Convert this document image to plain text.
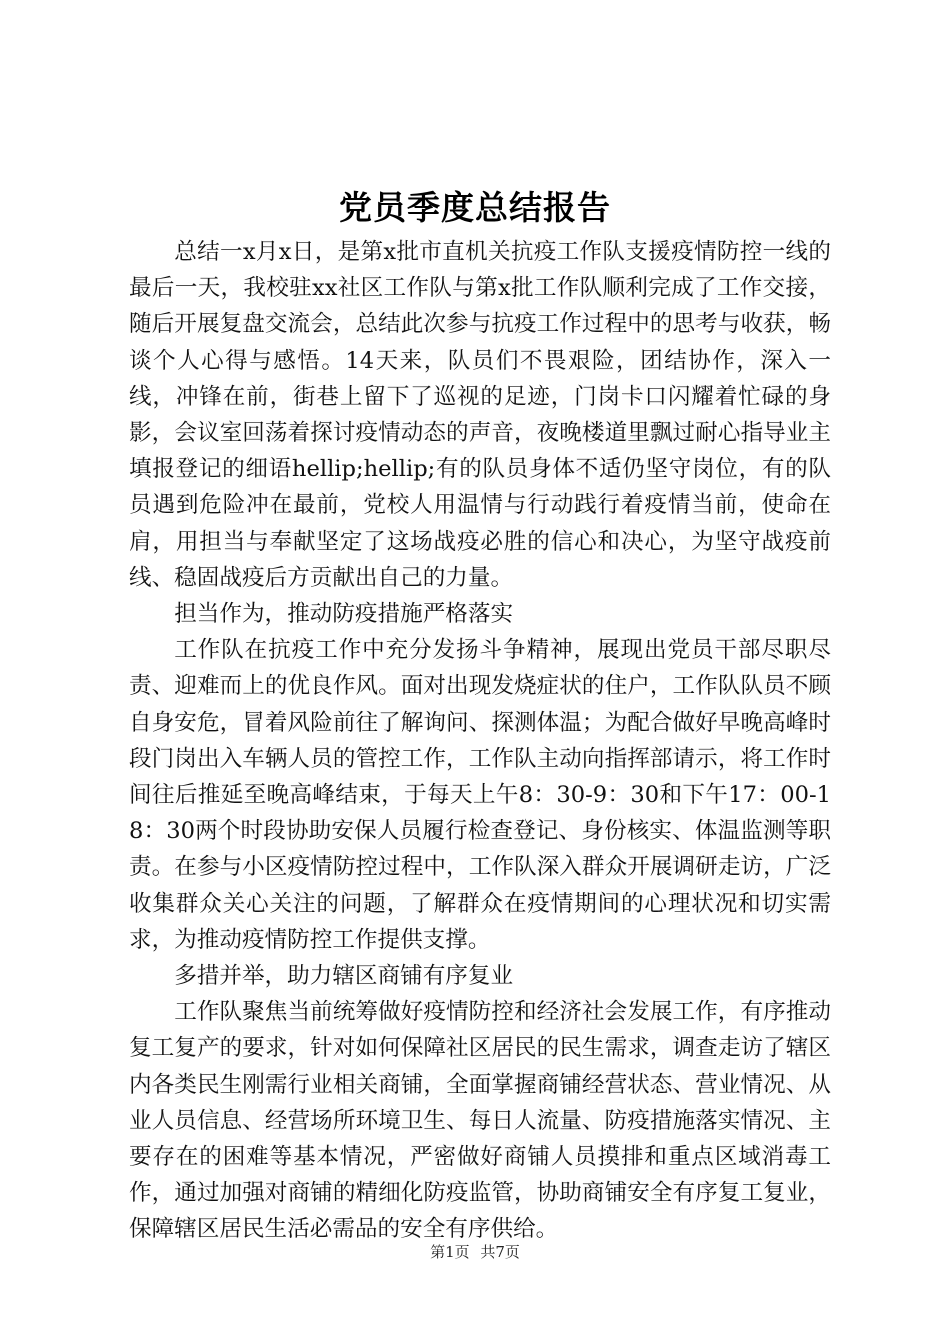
党员季度总结报告

总结一x月x日，是第x批市直机关抗疫工作队支援疫情防控一线的最后一天，我校驻xx社区工作队与第x批工作队顺利完成了工作交接，随后开展复盘交流会，总结此次参与抗疫工作过程中的思考与收获，畅谈个人心得与感悟。14天来，队员们不畏艰险，团结协作，深入一线，冲锋在前，街巷上留下了巡视的足迹，门岗卡口闪耀着忙碌的身影，会议室回荡着探讨疫情动态的声音，夜晚楼道里飘过耐心指导业主填报登记的细语hellip;hellip;有的队员身体不适仍坚守岗位，有的队员遇到危险冲在最前，党校人用温情与行动践行着疫情当前，使命在肩，用担当与奉献坚定了这场战疫必胜的信心和决心，为坚守战疫前线、稳固战疫后方贡献出自己的力量。

担当作为，推动防疫措施严格落实

工作队在抗疫工作中充分发扬斗争精神，展现出党员干部尽职尽责、迎难而上的优良作风。面对出现发烧症状的住户，工作队队员不顾自身安危，冒着风险前往了解询问、探测体温；为配合做好早晚高峰时段门岗出入车辆人员的管控工作，工作队主动向指挥部请示，将工作时间往后推延至晚高峰结束，于每天上午8：30-9：30和下午17：00-18：30两个时段协助安保人员履行检查登记、身份核实、体温监测等职责。在参与小区疫情防控过程中，工作队深入群众开展调研走访，广泛收集群众关心关注的问题，了解群众在疫情期间的心理状况和切实需求，为推动疫情防控工作提供支撑。

多措并举，助力辖区商铺有序复业

工作队聚焦当前统筹做好疫情防控和经济社会发展工作，有序推动复工复产的要求，针对如何保障社区居民的民生需求，调查走访了辖区内各类民生刚需行业相关商铺，全面掌握商铺经营状态、营业情况、从业人员信息、经营场所环境卫生、每日人流量、防疫措施落实情况、主要存在的困难等基本情况，严密做好商铺人员摸排和重点区域消毒工作，通过加强对商铺的精细化防疫监管，协助商铺安全有序复工复业，保障辖区居民生活必需品的安全有序供给。

第1页 共7页
